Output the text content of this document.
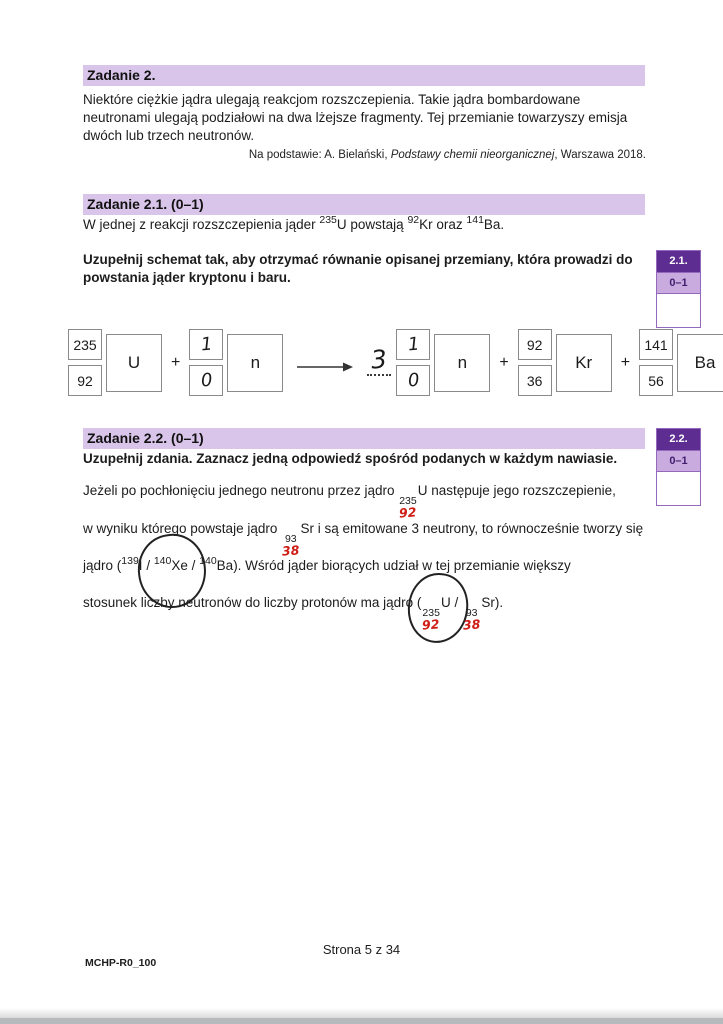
Zadanie 2.
Niektóre ciężkie jądra ulegają reakcjom rozszczepienia. Takie jądra bombardowane
neutronami ulegają podziałowi na dwa lżejsze fragmenty. Tej przemianie towarzyszy emisja
dwóch lub trzech neutronów.
Na podstawie: A. Bielański, Podstawy chemii nieorganicznej, Warszawa 2018.
Zadanie 2.1. (0–1)
W jednej z reakcji rozszczepienia jąder $^{235}$U powstają $^{92}$Kr oraz $^{141}$Ba.
Uzupełnij schemat tak, aby otrzymać równanie opisanej przemiany, która prowadzi do
powstania jąder kryptonu i baru.
2.1.
0–1
235
92
U +
1
0
n → 3 1
0
n +
92
36
Kr +
141
56
Ba
Zadanie 2.2. (0–1)
Uzupełnij zdania. Zaznacz jedną odpowiedź spośród podanych w każdym nawiasie.
2.2.
0–1
Jeżeli po pochłonięciu jednego neutronu przez jądro
235
92
U następuje jego rozszczepienie,
w wyniku którego powstaje jądro
93
38
Sr i są emitowane 3 neutrony, to równocześnie tworzy się
jądro ($^{139}$I /
$^{140}$Xe / $^{140}$Ba). Wśród jąder biorących udział w tej przemianie większy
stosunek liczby neutronów do liczby protonów ma jądro (
235
92
U /
93
38
Sr).
Strona 5 z 34
MCHP-R0_100
